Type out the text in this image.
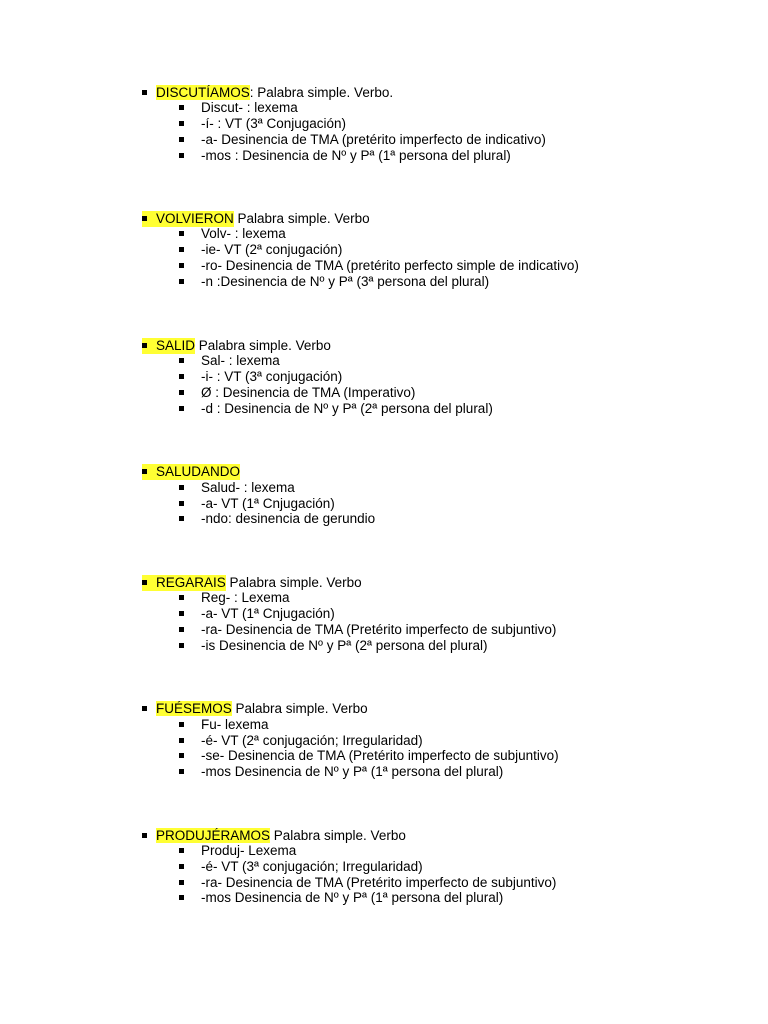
DISCUTÍAMOS: Palabra simple. Verbo.
Discut- : lexema
-í- : VT (3ª Conjugación)
-a- Desinencia de TMA (pretérito imperfecto de indicativo)
-mos : Desinencia de Nº y Pª (1ª persona del plural)
VOLVIERON Palabra simple. Verbo
Volv- : lexema
-ie- VT (2ª conjugación)
-ro- Desinencia de TMA (pretérito perfecto simple de indicativo)
-n :Desinencia de Nº y Pª (3ª persona del plural)
SALID Palabra simple. Verbo
Sal- : lexema
-i- : VT (3ª conjugación)
Ø : Desinencia de TMA (Imperativo)
-d : Desinencia de Nº y Pª (2ª persona del plural)
SALUDANDO
Salud- : lexema
-a- VT (1ª Cnjugación)
-ndo: desinencia de gerundio
REGARAIS Palabra simple. Verbo
Reg- : Lexema
-a- VT (1ª Cnjugación)
-ra- Desinencia de TMA (Pretérito imperfecto de subjuntivo)
-is Desinencia de Nº y Pª (2ª persona del plural)
FUÉSEMOS Palabra simple. Verbo
Fu- lexema
-é- VT (2ª conjugación; Irregularidad)
-se- Desinencia de TMA (Pretérito imperfecto de subjuntivo)
-mos Desinencia de Nº y Pª (1ª persona del plural)
PRODUJÉRAMOS Palabra simple. Verbo
Produj- Lexema
-é- VT (3ª conjugación; Irregularidad)
-ra- Desinencia de TMA (Pretérito imperfecto de subjuntivo)
-mos Desinencia de Nº y Pª (1ª persona del plural)
